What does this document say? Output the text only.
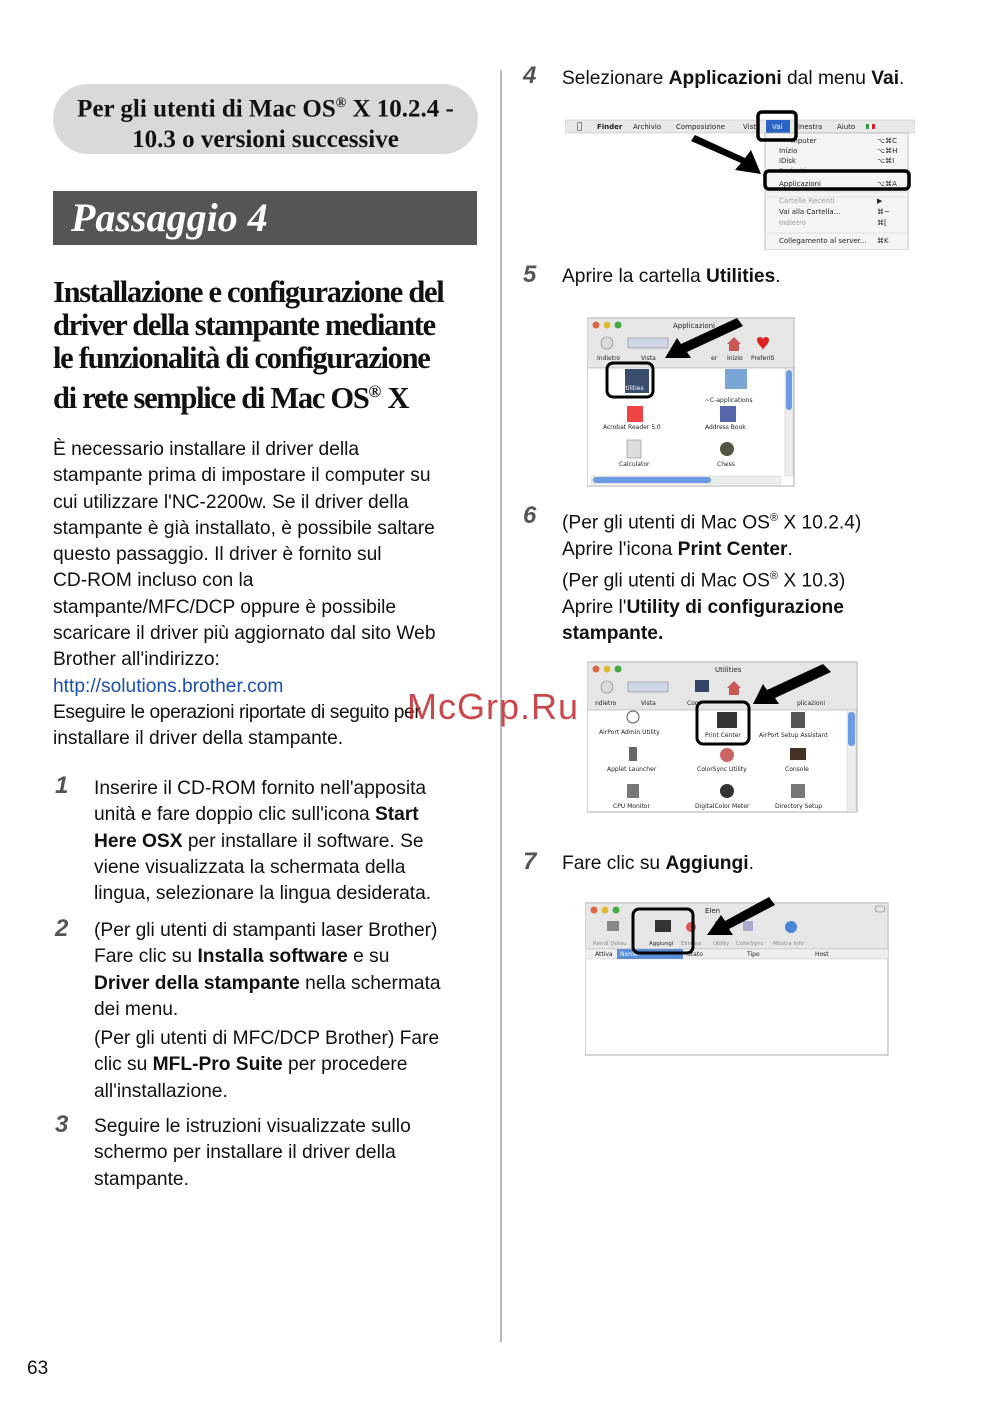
Per gli utenti di Mac OS® X 10.2.4 -
10.3 o versioni successive
Passaggio 4
Installazione e configurazione del
driver della stampante mediante
le funzionalità di configurazione
di rete semplice di Mac OS® X
È necessario installare il driver della
stampante prima di impostare il computer su
cui utilizzare l'NC-2200w. Se il driver della
stampante è già installato, è possibile saltare
questo passaggio. Il driver è fornito sul
CD-ROM incluso con la
stampante/MFC/DCP oppure è possibile
scaricare il driver più aggiornato dal sito Web
Brother all'indirizzo:
http://solutions.brother.com
Eseguire le operazioni riportate di seguito per
installare il driver della stampante.
1 Inserire il CD-ROM fornito nell'apposita
unità e fare doppio clic sull'icona Start
Here OSX per installare il software. Se
viene visualizzata la schermata della
lingua, selezionare la lingua desiderata.
2 (Per gli utenti di stampanti laser Brother)
Fare clic su Installa software e su
Driver della stampante nella schermata
dei menu.
(Per gli utenti di MFC/DCP Brother) Fare
clic su MFL-Pro Suite per procedere
all'installazione.
3 Seguire le istruzioni visualizzate sullo
schermo per installare il driver della
stampante.
4 Selezionare Applicazioni dal menu Vai.
Finder Archivio Composizione	Vist Vai inestra Aiuto
mputer	⌥⌘C
Inizio	⌥⌘H
iDisk	⌥⌘I
Preferiti
Applicazioni	⌥⌘A
Cartelle Recenti	▶
Vai alla Cartella...	⌘~
Indietro	⌘[
Collegamento al server... ⌘K
5 Aprire la cartella Utilities.
Applicazioni
Indietro	Vista	er Inizio Preferiti
Utilities
~C-applications
Acrobat Reader 5.0	Address Book
Calculator	Chess
6 (Per gli utenti di Mac OS® X 10.2.4)
Aprire l'icona Print Center.
(Per gli utenti di Mac OS® X 10.3)
Aprire l'Utility di configurazione
stampante.
Utilities
ndietro	Vista	Com	plicazioni
AirPort Admin Utility	Print Center	AirPort Setup Assistant
Applet Launcher	ColorSync Utility	Console
CPU Monitor	DigitalColor Meter	Directory Setup
7 Fare clic su Aggiungi.
Elen
Rendi Defau	Aggiungi Elimina Utility ColorSync Mostra Info
Attiva Nome	Stato	Tipo	Host
McGrp.Ru
63
